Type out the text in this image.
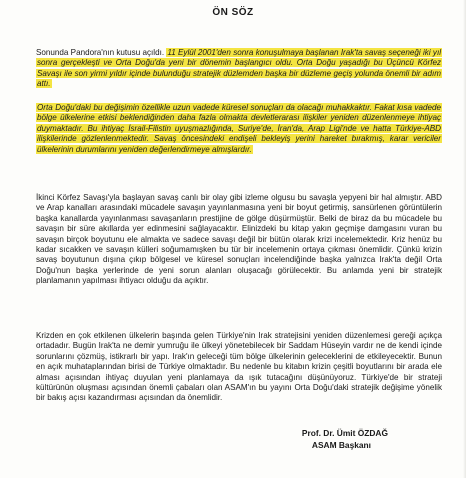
ÖN SÖZ

Sonunda Pandora'nın kutusu açıldı. 11 Eylül 2001'den sonra konuşulmaya başlanan Irak'ta savaş seçeneği iki yıl sonra gerçekleşti ve Orta Doğu'da yeni bir dönemin başlangıcı oldu. Orta Doğu yaşadığı bu Üçüncü Körfez Savaşı ile son yirmi yıldır içinde bulunduğu stratejik düzlemden başka bir düzleme geçiş yolunda önemli bir adım attı.

Orta Doğu'daki bu değişimin özellikle uzun vadede küresel sonuçları da olacağı muhakkaktır. Fakat kısa vadede bölge ülkelerine etkisi beklendiğinden daha fazla olmakta devletlerarası ilişkiler yeniden düzenlenmeye ihtiyaç duymaktadır. Bu ihtiyaç İsrail-Filistin uyuşmazlığında, Suriye'de, İran'da, Arap Ligi'nde ve hatta Türkiye-ABD ilişkilerinde gözlenlenmektedir. Savaş öncesindeki endişeli bekleyiş yerini hareket bırakmış, karar vericiler ülkelerinin durumlarını yeniden değerlendirmeye almışlardır.

İkinci Körfez Savaşı'yla başlayan savaş canlı bir olay gibi izleme olgusu bu savaşla yepyeni bir hal almıştır. ABD ve Arap kanalları arasındaki mücadele savaşın yayınlanmasına yeni bir boyut getirmiş, sansürlenen görüntülerin başka kanallarda yayınlanması savaşanların prestijine de gölge düşürmüştür. Belki de biraz da bu mücadele bu savaşın bir süre akıllarda yer edinmesini sağlayacaktır. Elinizdeki bu kitap yakın geçmişe damgasını vuran bu savaşın birçok boyutunu ele almakta ve sadece savaşı değil bir bütün olarak krizi incelemektedir. Kriz henüz bu kadar sıcakken ve savaşın külleri soğumamışken bu tür bir incelemenin ortaya çıkması önemlidir. Çünkü krizin savaş boyutunun dışına çıkıp bölgesel ve küresel sonuçları incelendiğinde başka yalnızca Irak'ta değil Orta Doğu'nun başka yerlerinde de yeni sorun alanları oluşacağı görülecektir. Bu anlamda yeni bir stratejik planlamanın yapılması ihtiyacı olduğu da açıktır.

Krizden en çok etkilenen ülkelerin başında gelen Türkiye'nin Irak stratejisini yeniden düzenlemesi gereği açıkça ortadadır. Bugün Irak'ta ne demir yumruğu ile ülkeyi yönetebilecek bir Saddam Hüseyin vardır ne de kendi içinde sorunlarını çözmüş, istikrarlı bir yapı. Irak'ın geleceği tüm bölge ülkelerinin geleceklerini de etkileyecektir. Bunun en açık muhataplarından birisi de Türkiye olmaktadır. Bu nedenle bu kitabın krizin çeşitli boyutlarını bir arada ele alması açısından ihtiyaç duyulan yeni planlamaya da ışık tutacağını düşünüyoruz. Türkiye'de bir strateji kültürünün oluşması açısından önemli çabaları olan ASAM'ın bu yayını Orta Doğu'daki stratejik değişime yönelik bir bakış açısı kazandırması açısından da önemlidir.

Prof. Dr. Ümit ÖZDAĞ
ASAM Başkanı
